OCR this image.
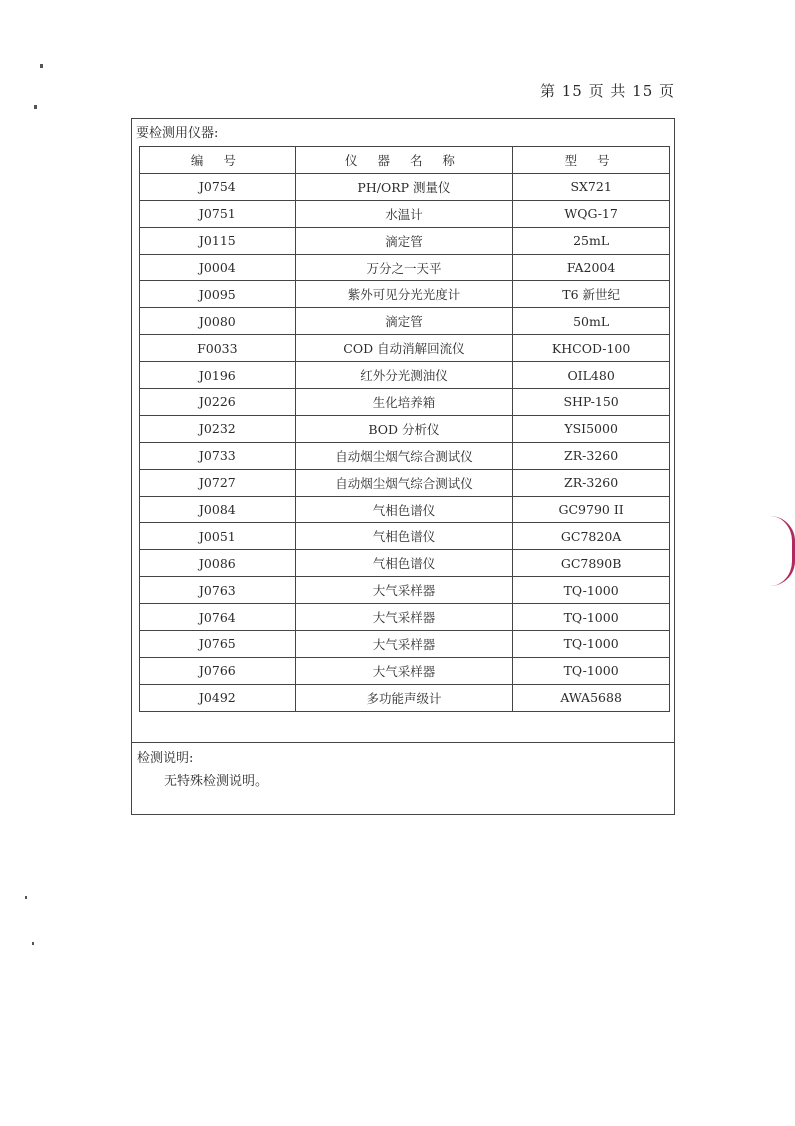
第 15 页 共 15 页
要检测用仪器:
编 号	仪 器 名 称	型 号
J0754	PH/ORP 测量仪	SX721
J0751	水温计	WQG-17
J0115	滴定管	25mL
J0004	万分之一天平	FA2004
J0095	紫外可见分光光度计	T6 新世纪
J0080	滴定管	50mL
F0033	COD 自动消解回流仪	KHCOD-100
J0196	红外分光测油仪	OIL480
J0226	生化培养箱	SHP-150
J0232	BOD 分析仪	YSI5000
J0733	自动烟尘烟气综合测试仪	ZR-3260
J0727	自动烟尘烟气综合测试仪	ZR-3260
J0084	气相色谱仪	GC9790 II
J0051	气相色谱仪	GC7820A
J0086	气相色谱仪	GC7890B
J0763	大气采样器	TQ-1000
J0764	大气采样器	TQ-1000
J0765	大气采样器	TQ-1000
J0766	大气采样器	TQ-1000
J0492	多功能声级计	AWA5688
检测说明:
无特殊检测说明。
